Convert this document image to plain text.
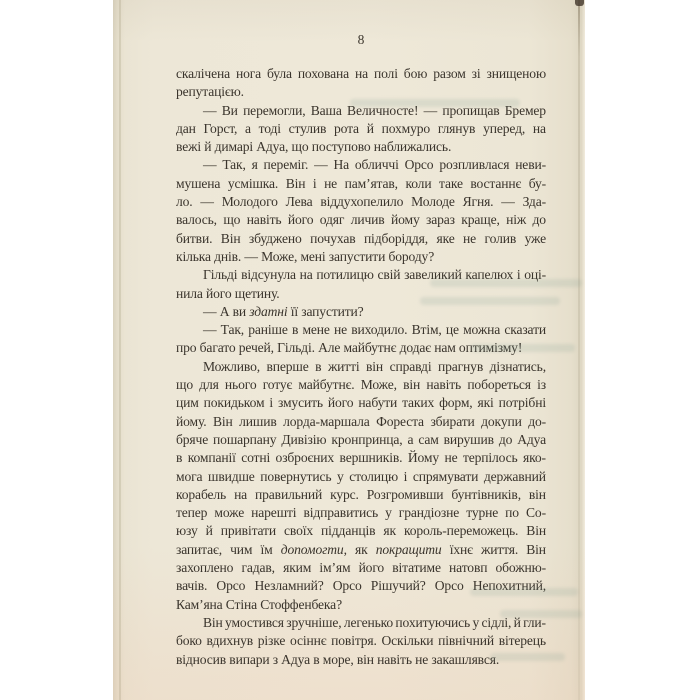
8
скалічена нога була похована на полі бою разом зі знищеною
репутацією.
— Ви перемогли, Ваша Величносте! — пропищав Бремер
дан Горст, а тоді стулив рота й похмуро глянув уперед, на
вежі й димарі Адуа, що поступово наближались.
— Так, я переміг. — На обличчі Орсо розпливлася неви-
мушена усмішка. Він і не пам’ятав, коли таке востаннє бу-
ло. — Молодого Лева віддухопелило Молоде Ягня. — Зда-
валось, що навіть його одяг личив йому зараз краще, ніж до
битви. Він збуджено почухав підборіддя, яке не голив уже
кілька днів. — Може, мені запустити бороду?
Гільді відсунула на потилицю свій завеликий капелюх і оці-
нила його щетину.
— А ви здатні її запустити?
— Так, раніше в мене не виходило. Втім, це можна сказати
про багато речей, Гільді. Але майбутнє додає нам оптимізму!
Можливо, вперше в житті він справді прагнув дізнатись,
що для нього готує майбутнє. Може, він навіть побореться із
цим покидьком і змусить його набути таких форм, які потрібні
йому. Він лишив лорда-маршала Фореста збирати докупи до-
бряче пошарпану Дивізію кронпринца, а сам вирушив до Адуа
в компанії сотні озброєних вершників. Йому не терпілось яко-
мога швидше повернутись у столицю і спрямувати державний
корабель на правильний курс. Розгромивши бунтівників, він
тепер може нарешті відправитись у грандіозне турне по Со-
юзу й привітати своїх підданців як король-переможець. Він
запитає, чим їм допомогти, як покращити їхнє життя. Він
захоплено гадав, яким ім’ям його вітатиме натовп обожню-
вачів. Орсо Незламний? Орсо Рішучий? Орсо Непохитний,
Кам’яна Стіна Стоффенбека?
Він умостився зручніше, легенько похитуючись у сідлі, й гли-
боко вдихнув різке осіннє повітря. Оскільки північний вітерець
відносив випари з Адуа в море, він навіть не закашлявся.
